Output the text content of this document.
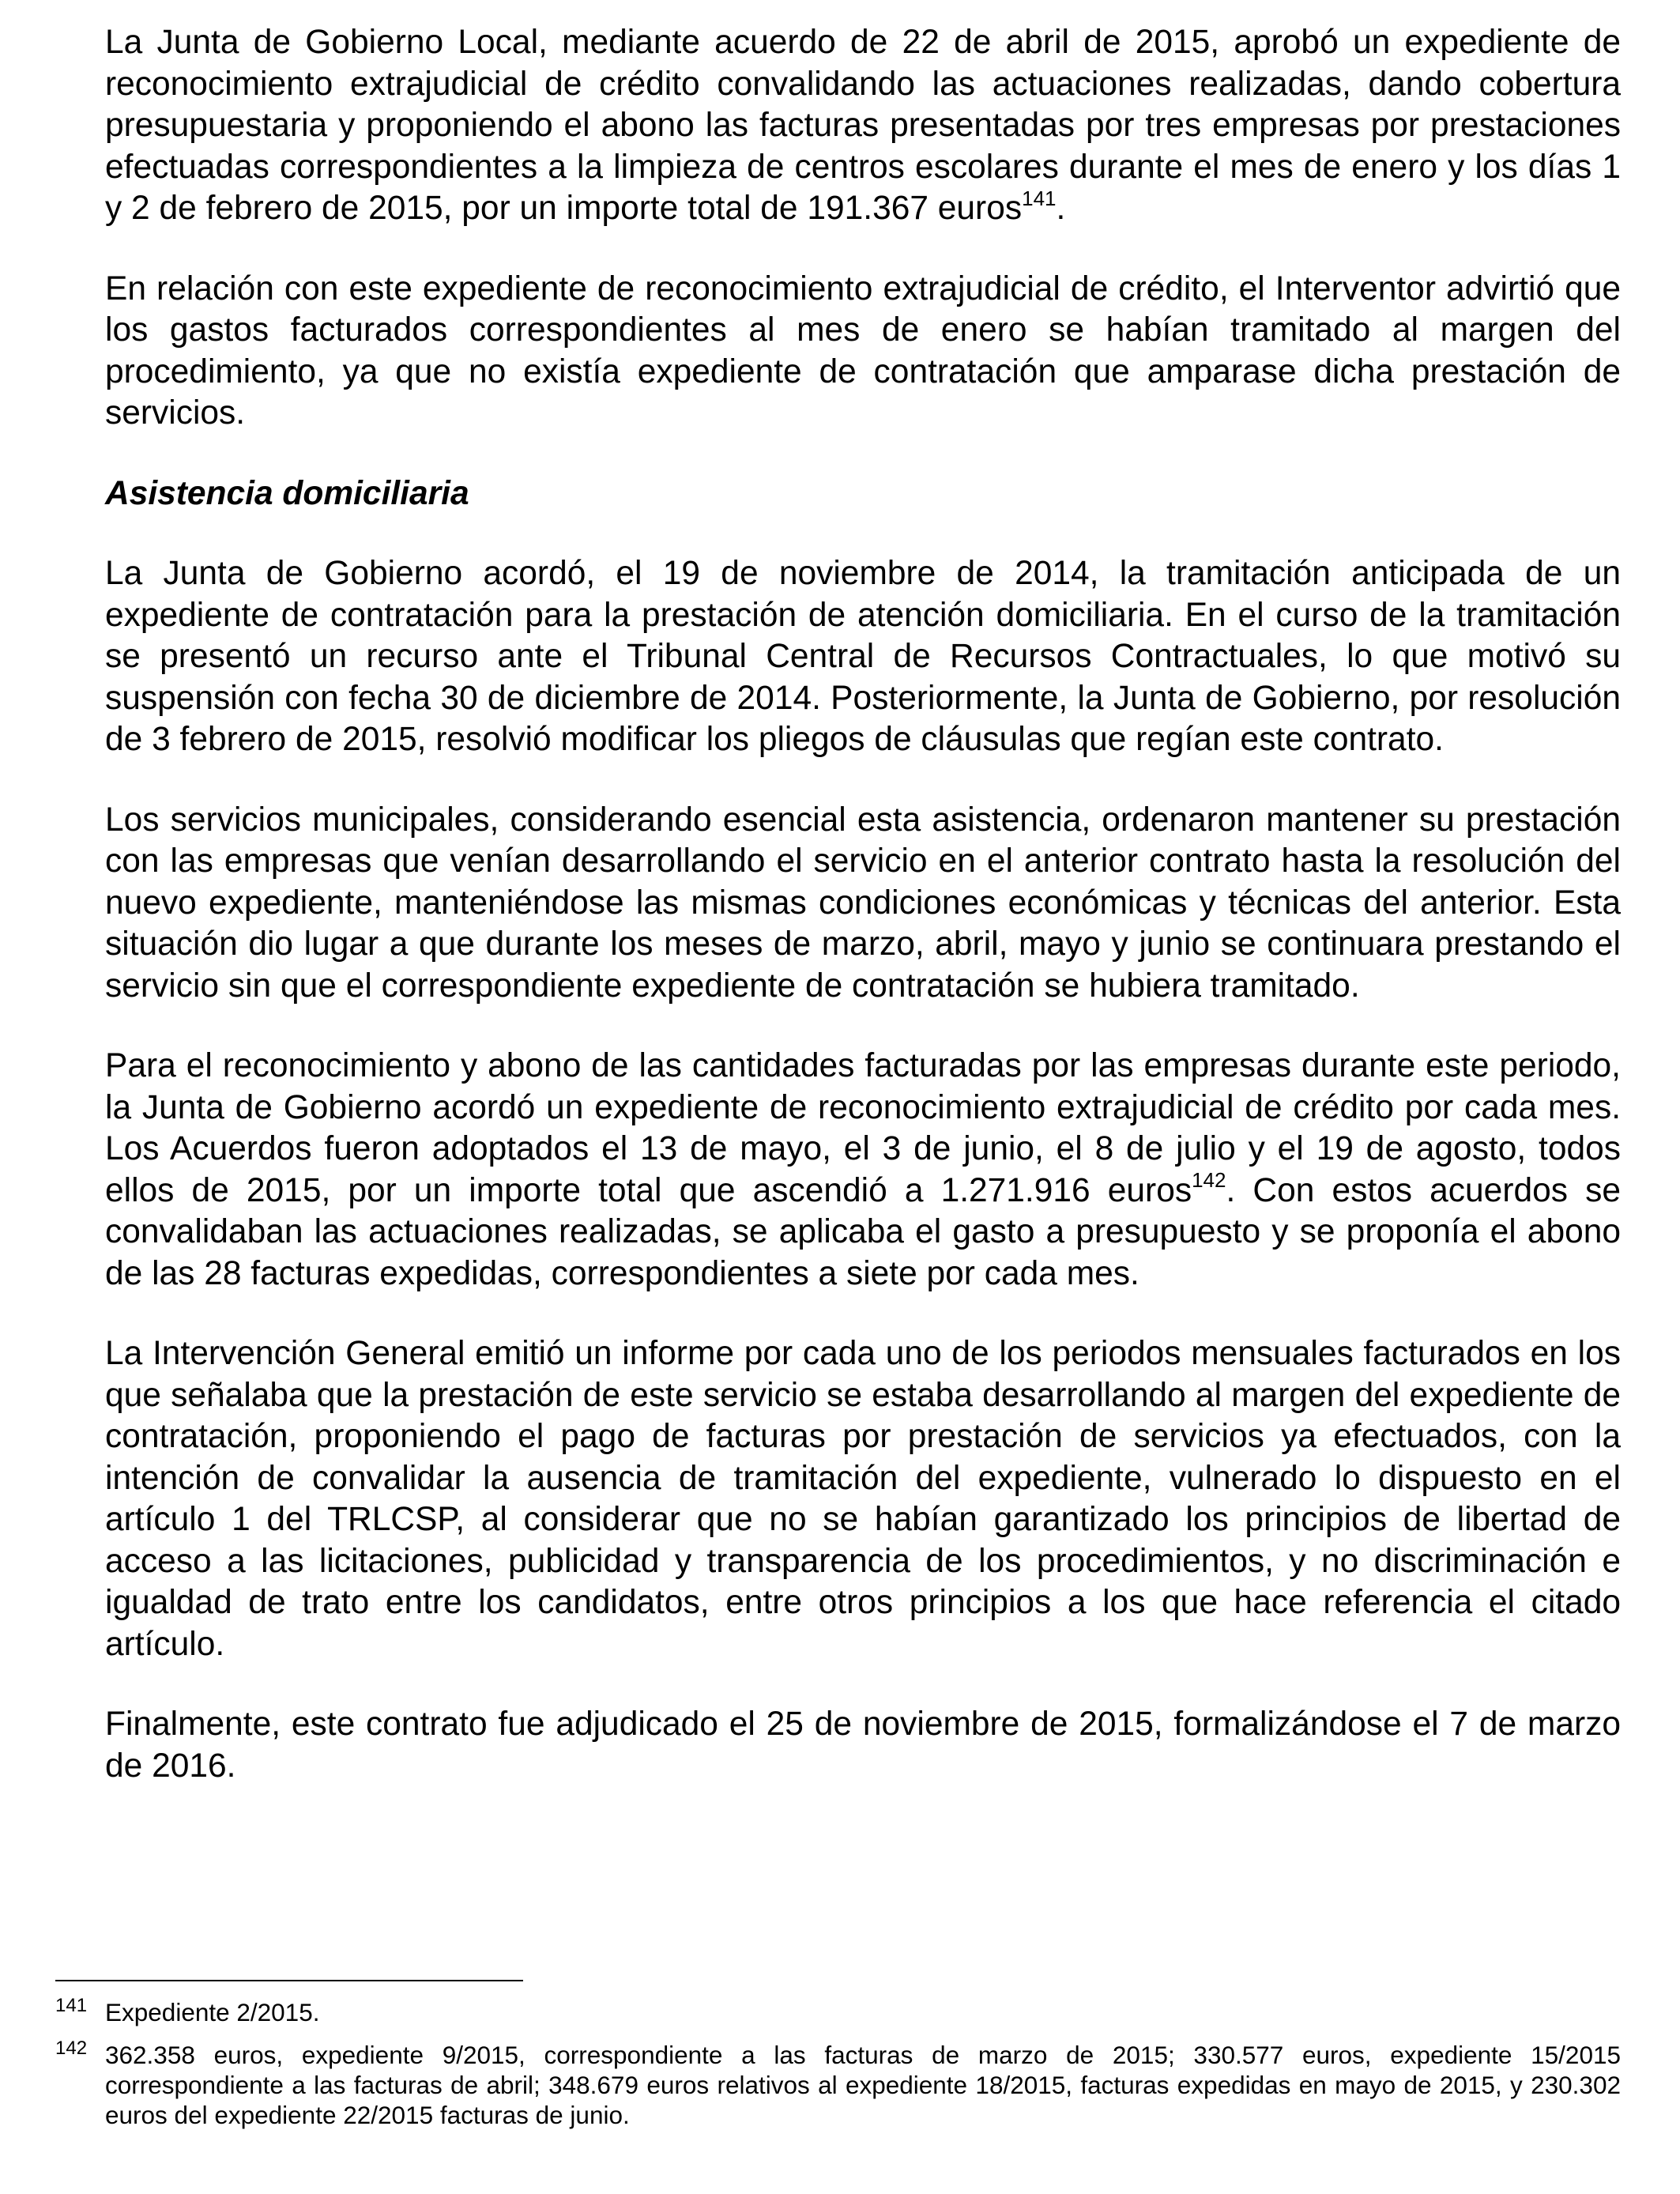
La Junta de Gobierno Local, mediante acuerdo de 22 de abril de 2015, aprobó un expediente de reconocimiento extrajudicial de crédito convalidando las actuaciones realizadas, dando cobertura presupuestaria y proponiendo el abono las facturas presentadas por tres empresas por prestaciones efectuadas correspondientes a la limpieza de centros escolares durante el mes de enero y los días 1 y 2 de febrero de 2015, por un importe total de 191.367 euros$^{141}$.

En relación con este expediente de reconocimiento extrajudicial de crédito, el Interventor advirtió que los gastos facturados correspondientes al mes de enero se habían tramitado al margen del procedimiento, ya que no existía expediente de contratación que amparase dicha prestación de servicios.

Asistencia domiciliaria

La Junta de Gobierno acordó, el 19 de noviembre de 2014, la tramitación anticipada de un expediente de contratación para la prestación de atención domiciliaria. En el curso de la tramitación se presentó un recurso ante el Tribunal Central de Recursos Contractuales, lo que motivó su suspensión con fecha 30 de diciembre de 2014. Posteriormente, la Junta de Gobierno, por resolución de 3 febrero de 2015, resolvió modificar los pliegos de cláusulas que regían este contrato.

Los servicios municipales, considerando esencial esta asistencia, ordenaron mantener su prestación con las empresas que venían desarrollando el servicio en el anterior contrato hasta la resolución del nuevo expediente, manteniéndose las mismas condiciones económicas y técnicas del anterior. Esta situación dio lugar a que durante los meses de marzo, abril, mayo y junio se continuara prestando el servicio sin que el correspondiente expediente de contratación se hubiera tramitado.

Para el reconocimiento y abono de las cantidades facturadas por las empresas durante este periodo, la Junta de Gobierno acordó un expediente de reconocimiento extrajudicial de crédito por cada mes. Los Acuerdos fueron adoptados el 13 de mayo, el 3 de junio, el 8 de julio y el 19 de agosto, todos ellos de 2015, por un importe total que ascendió a 1.271.916 euros$^{142}$. Con estos acuerdos se convalidaban las actuaciones realizadas, se aplicaba el gasto a presupuesto y se proponía el abono de las 28 facturas expedidas, correspondientes a siete por cada mes.

La Intervención General emitió un informe por cada uno de los periodos mensuales facturados en los que señalaba que la prestación de este servicio se estaba desarrollando al margen del expediente de contratación, proponiendo el pago de facturas por prestación de servicios ya efectuados, con la intención de convalidar la ausencia de tramitación del expediente, vulnerado lo dispuesto en el artículo 1 del TRLCSP, al considerar que no se habían garantizado los principios de libertad de acceso a las licitaciones, publicidad y transparencia de los procedimientos, y no discriminación e igualdad de trato entre los candidatos, entre otros principios a los que hace referencia el citado artículo.

Finalmente, este contrato fue adjudicado el 25 de noviembre de 2015, formalizándose el 7 de marzo de 2016.

141 Expediente 2/2015.
142 362.358 euros, expediente 9/2015, correspondiente a las facturas de marzo de 2015; 330.577 euros, expediente 15/2015 correspondiente a las facturas de abril; 348.679 euros relativos al expediente 18/2015, facturas expedidas en mayo de 2015, y 230.302 euros del expediente 22/2015 facturas de junio.
